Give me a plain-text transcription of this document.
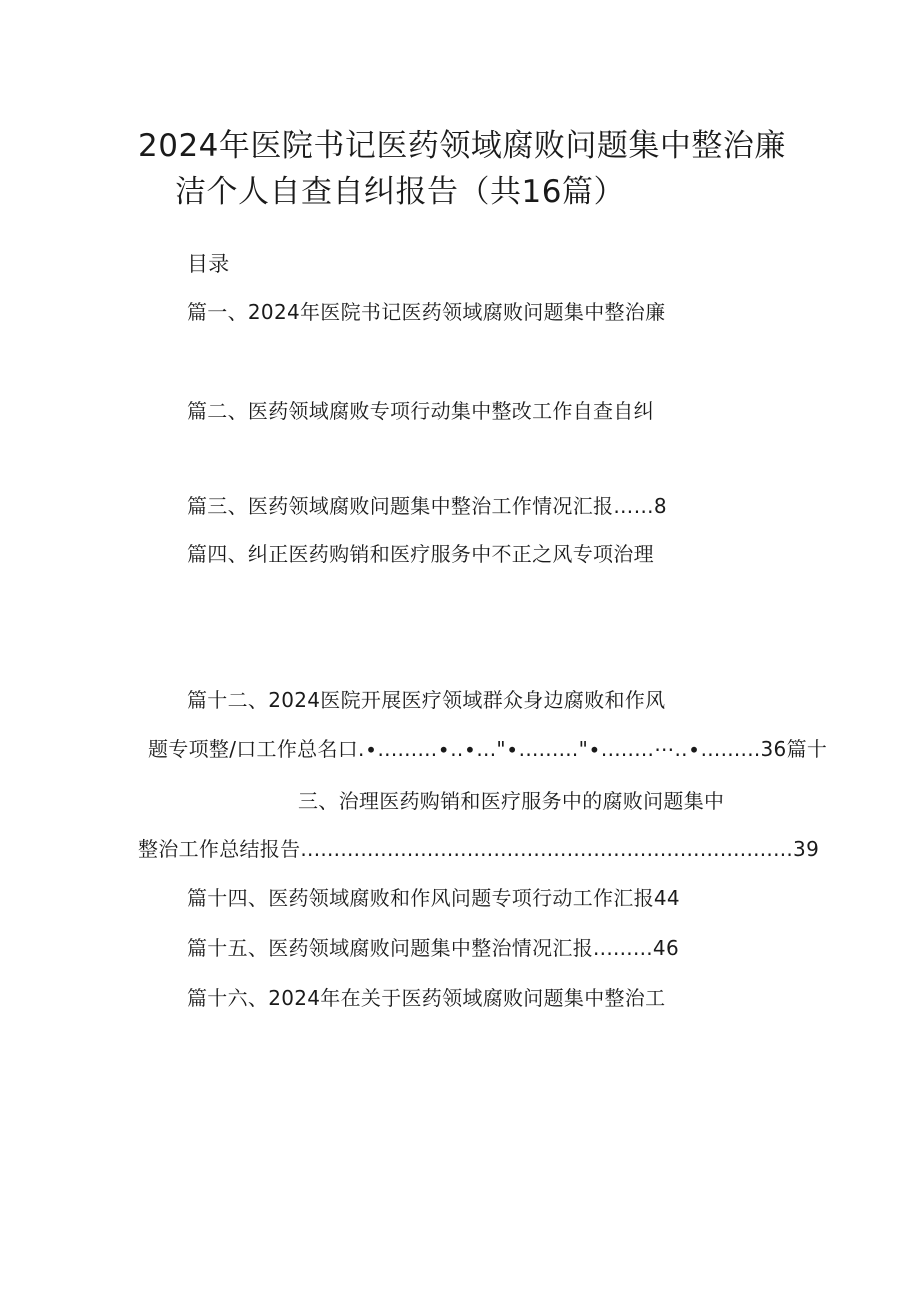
2024年医院书记医药领域腐败问题集中整治廉
洁个人自查自纠报告（共16篇）
目录
篇一、2024年医院书记医药领域腐败问题集中整治廉
篇二、医药领域腐败专项行动集中整改工作自查自纠
篇三、医药领域腐败问题集中整治工作情况汇报……8
篇四、纠正医药购销和医疗服务中不正之风专项治理
篇十二、2024医院开展医疗领域群众身边腐败和作风
题专项整/口工作总名口.∙.........∙..∙..."∙........."∙........⋯..∙.........36篇十
三、治理医药购销和医疗服务中的腐败问题集中
整治工作总结报告..........................................................................39
篇十四、医药领域腐败和作风问题专项行动工作汇报44
篇十五、医药领域腐败问题集中整治情况汇报.........46
篇十六、2024年在关于医药领域腐败问题集中整治工
